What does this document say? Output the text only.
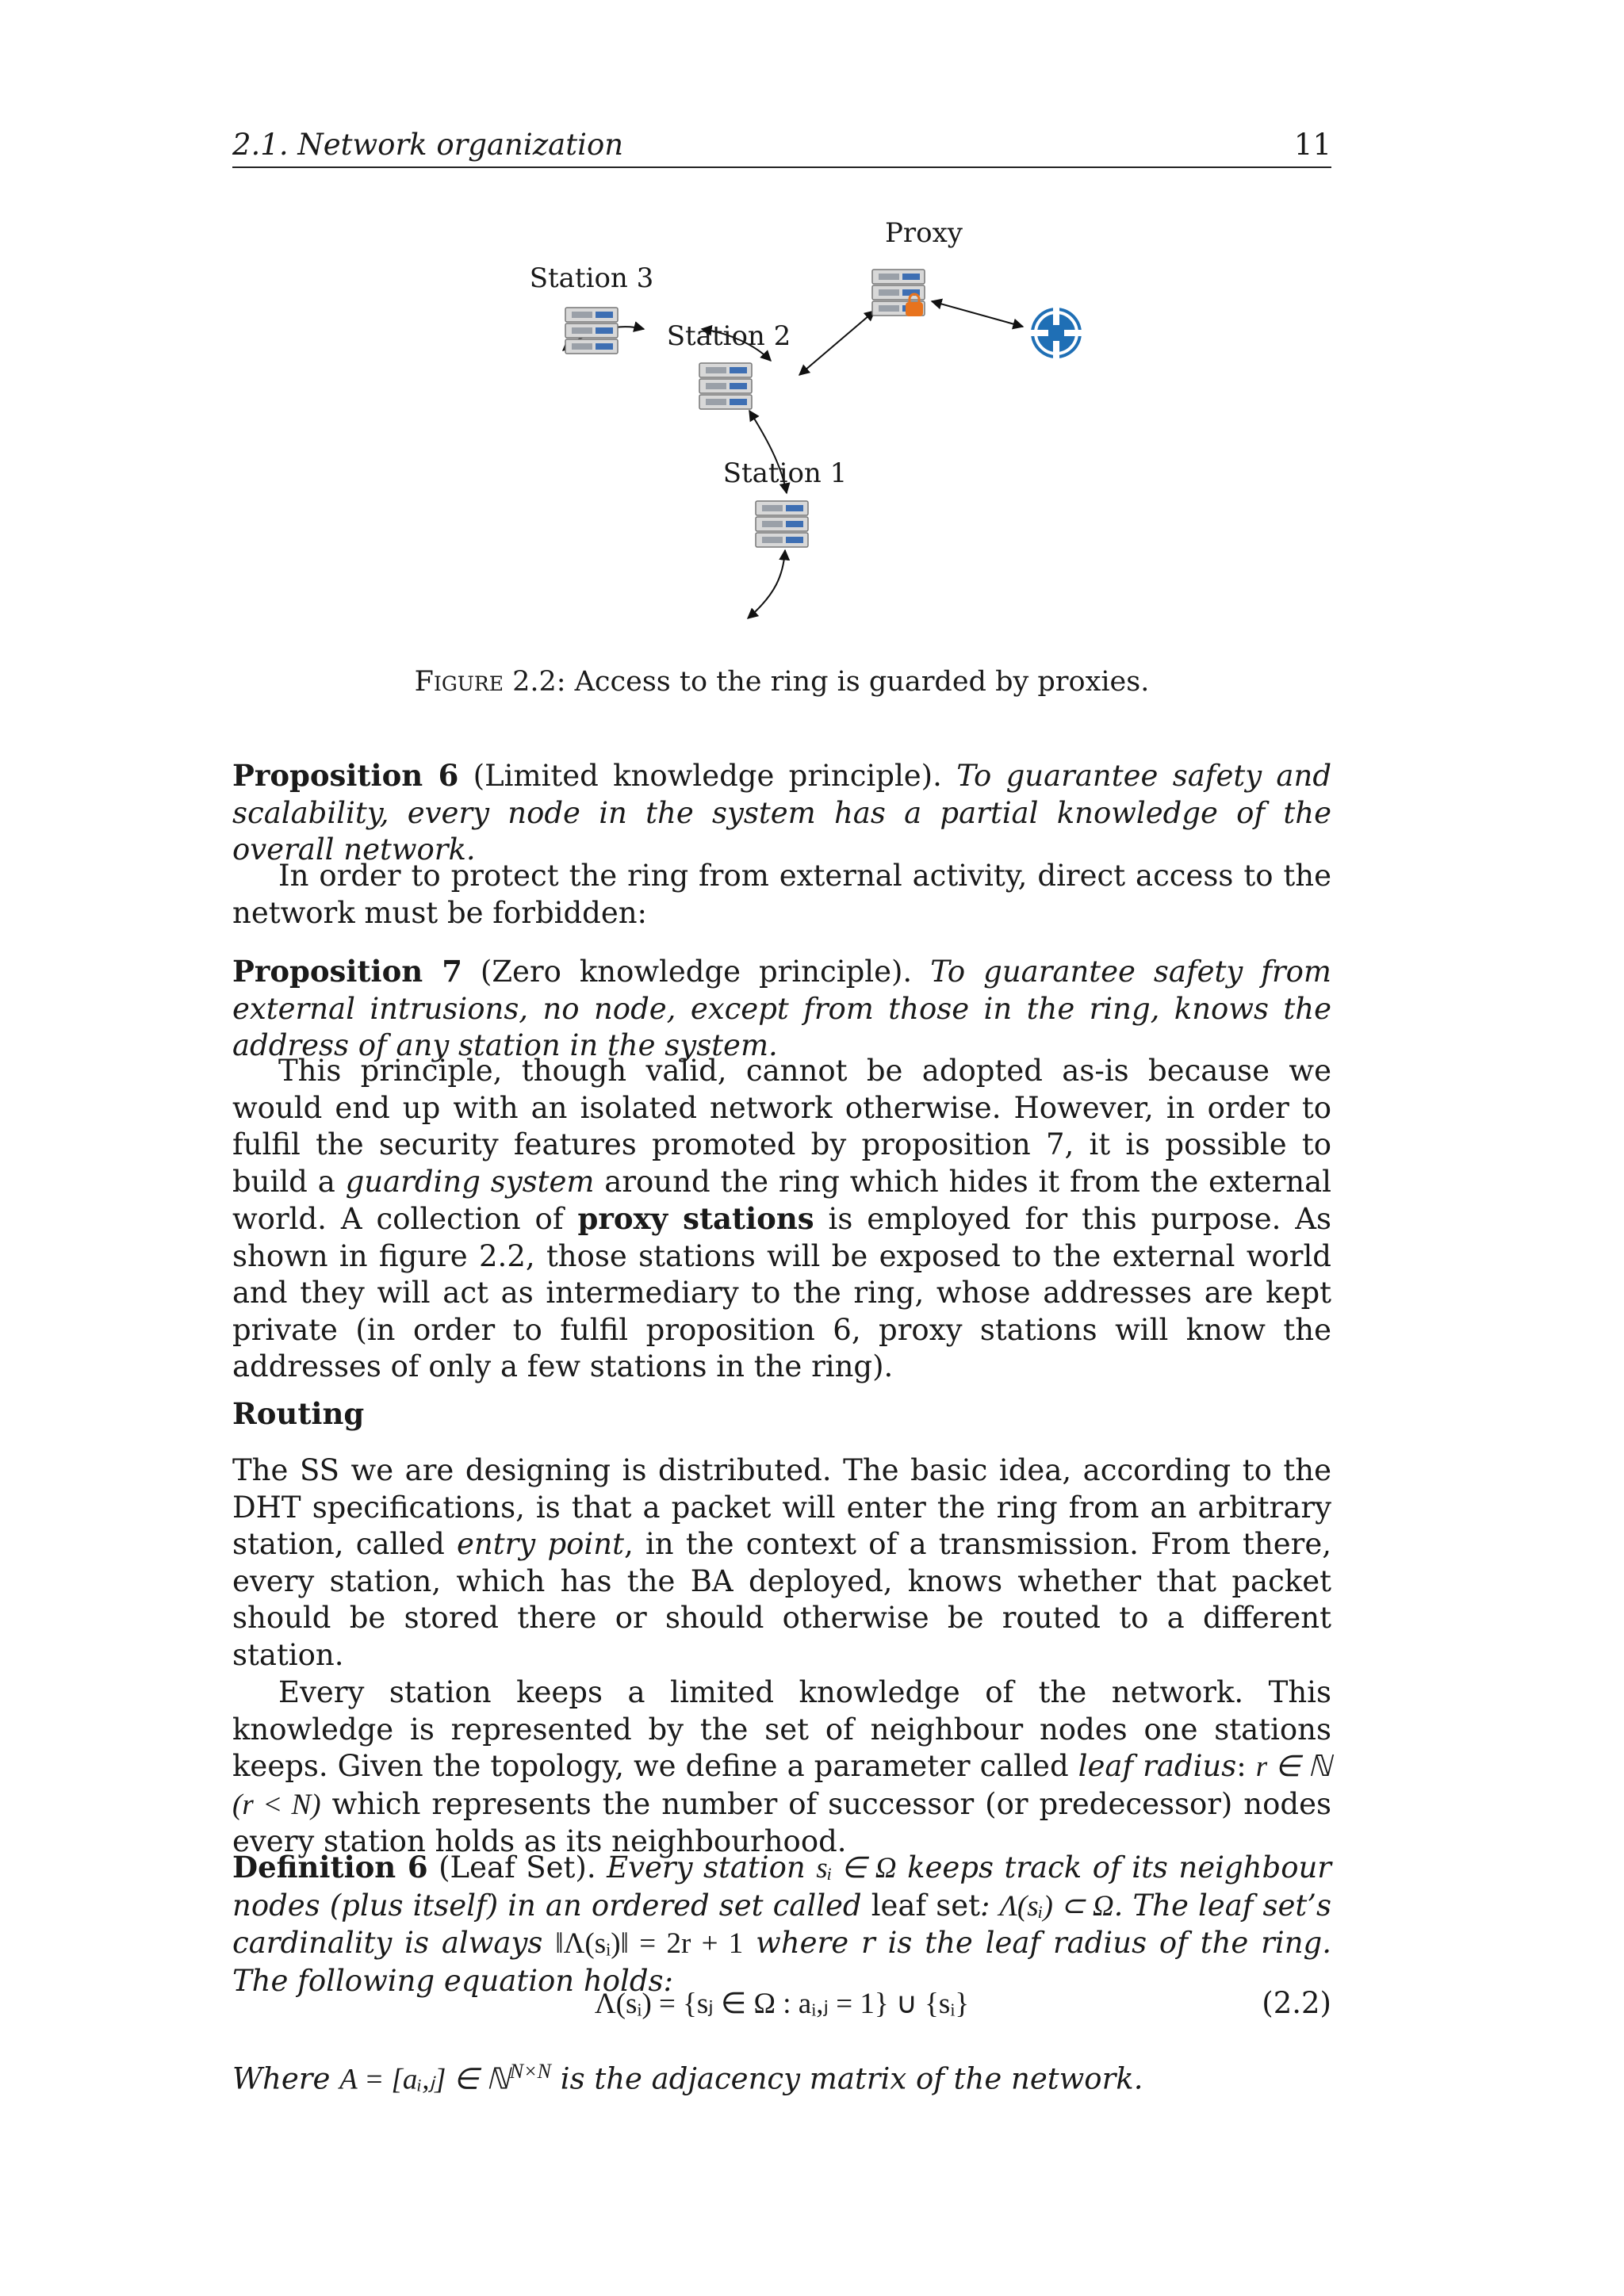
2.1. Network organization	11
Proxy
Station 3
Station 2
Station 1
Figure 2.2: Access to the ring is guarded by proxies.

Proposition 6 (Limited knowledge principle). To guarantee safety and scalability, every node in the system has a partial knowledge of the overall network.

In order to protect the ring from external activity, direct access to the network must be forbidden:

Proposition 7 (Zero knowledge principle). To guarantee safety from external intrusions, no node, except from those in the ring, knows the address of any station in the system.

This principle, though valid, cannot be adopted as-is because we would end up with an isolated network otherwise. However, in order to fulfil the security features promoted by proposition 7, it is possible to build a guarding system around the ring which hides it from the external world. A collection of proxy stations is employed for this purpose. As shown in figure 2.2, those stations will be exposed to the external world and they will act as intermediary to the ring, whose addresses are kept private (in order to fulfil proposition 6, proxy stations will know the addresses of only a few stations in the ring).

Routing

The SS we are designing is distributed. The basic idea, according to the DHT specifications, is that a packet will enter the ring from an arbitrary station, called entry point, in the context of a transmission. From there, every station, which has the BA deployed, knows whether that packet should be stored there or should otherwise be routed to a different station.

Every station keeps a limited knowledge of the network. This knowledge is represented by the set of neighbour nodes one stations keeps. Given the topology, we define a parameter called leaf radius: r ∈ ℕ (r < N) which represents the number of successor (or predecessor) nodes every station holds as its neighbourhood.

Definition 6 (Leaf Set). Every station sᵢ ∈ Ω keeps track of its neighbour nodes (plus itself) in an ordered set called leaf set: Λ(sᵢ) ⊂ Ω. The leaf set’s cardinality is always ‖Λ(sᵢ)‖ = 2r + 1 where r is the leaf radius of the ring. The following equation holds:

Λ(sᵢ) = {sⱼ ∈ Ω : aᵢ,ⱼ = 1} ∪ {sᵢ}	(2.2)

Where A = [aᵢ,ⱼ] ∈ ℕ$^{N\times N}$ is the adjacency matrix of the network.
